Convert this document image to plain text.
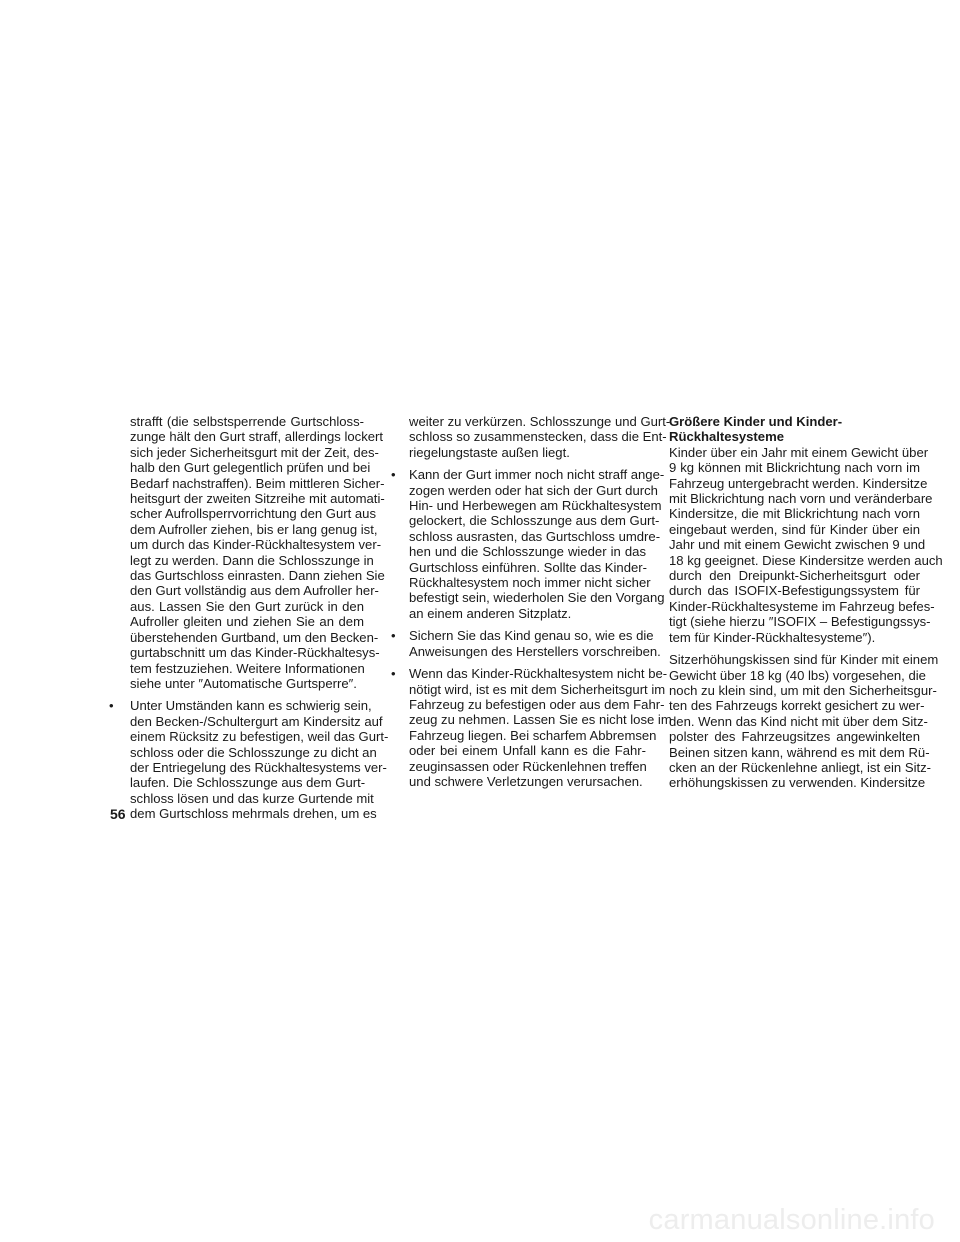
strafft (die selbstsperrende Gurtschloss-
zunge hält den Gurt straff, allerdings lockert
sich jeder Sicherheitsgurt mit der Zeit, des-
halb den Gurt gelegentlich prüfen und bei
Bedarf nachstraffen). Beim mittleren Sicher-
heitsgurt der zweiten Sitzreihe mit automati-
scher Aufrollsperrvorrichtung den Gurt aus
dem Aufroller ziehen, bis er lang genug ist,
um durch das Kinder-Rückhaltesystem ver-
legt zu werden. Dann die Schlosszunge in
das Gurtschloss einrasten. Dann ziehen Sie
den Gurt vollständig aus dem Aufroller her-
aus. Lassen Sie den Gurt zurück in den
Aufroller gleiten und ziehen Sie an dem
überstehenden Gurtband, um den Becken-
gurtabschnitt um das Kinder-Rückhaltesys-
tem festzuziehen. Weitere Informationen
siehe unter ″Automatische Gurtsperre″.
•	Unter Umständen kann es schwierig sein,
den Becken-/Schultergurt am Kindersitz auf
einem Rücksitz zu befestigen, weil das Gurt-
schloss oder die Schlosszunge zu dicht an
der Entriegelung des Rückhaltesystems ver-
laufen. Die Schlosszunge aus dem Gurt-
schloss lösen und das kurze Gurtende mit
dem Gurtschloss mehrmals drehen, um es
weiter zu verkürzen. Schlosszunge und Gurt-
schloss so zusammenstecken, dass die Ent-
riegelungstaste außen liegt.
•	Kann der Gurt immer noch nicht straff ange-
zogen werden oder hat sich der Gurt durch
Hin- und Herbewegen am Rückhaltesystem
gelockert, die Schlosszunge aus dem Gurt-
schloss ausrasten, das Gurtschloss umdre-
hen und die Schlosszunge wieder in das
Gurtschloss einführen. Sollte das Kinder-
Rückhaltesystem noch immer nicht sicher
befestigt sein, wiederholen Sie den Vorgang
an einem anderen Sitzplatz.
•	Sichern Sie das Kind genau so, wie es die
Anweisungen des Herstellers vorschreiben.
•	Wenn das Kinder-Rückhaltesystem nicht be-
nötigt wird, ist es mit dem Sicherheitsgurt im
Fahrzeug zu befestigen oder aus dem Fahr-
zeug zu nehmen. Lassen Sie es nicht lose im
Fahrzeug liegen. Bei scharfem Abbremsen
oder bei einem Unfall kann es die Fahr-
zeuginsassen oder Rückenlehnen treffen
und schwere Verletzungen verursachen.
Größere Kinder und Kinder-
Rückhaltesysteme
Kinder über ein Jahr mit einem Gewicht über
9 kg können mit Blickrichtung nach vorn im
Fahrzeug untergebracht werden. Kindersitze
mit Blickrichtung nach vorn und veränderbare
Kindersitze, die mit Blickrichtung nach vorn
eingebaut werden, sind für Kinder über ein
Jahr und mit einem Gewicht zwischen 9 und
18 kg geeignet. Diese Kindersitze werden auch
durch den Dreipunkt-Sicherheitsgurt oder
durch das ISOFIX-Befestigungssystem für
Kinder-Rückhaltesysteme im Fahrzeug befes-
tigt (siehe hierzu ″ISOFIX – Befestigungssys-
tem für Kinder-Rückhaltesysteme″).
Sitzerhöhungskissen sind für Kinder mit einem
Gewicht über 18 kg (40 lbs) vorgesehen, die
noch zu klein sind, um mit den Sicherheitsgur-
ten des Fahrzeugs korrekt gesichert zu wer-
den. Wenn das Kind nicht mit über dem Sitz-
polster des Fahrzeugsitzes angewinkelten
Beinen sitzen kann, während es mit dem Rü-
cken an der Rückenlehne anliegt, ist ein Sitz-
erhöhungskissen zu verwenden. Kindersitze
56
carmanualsonline.info
